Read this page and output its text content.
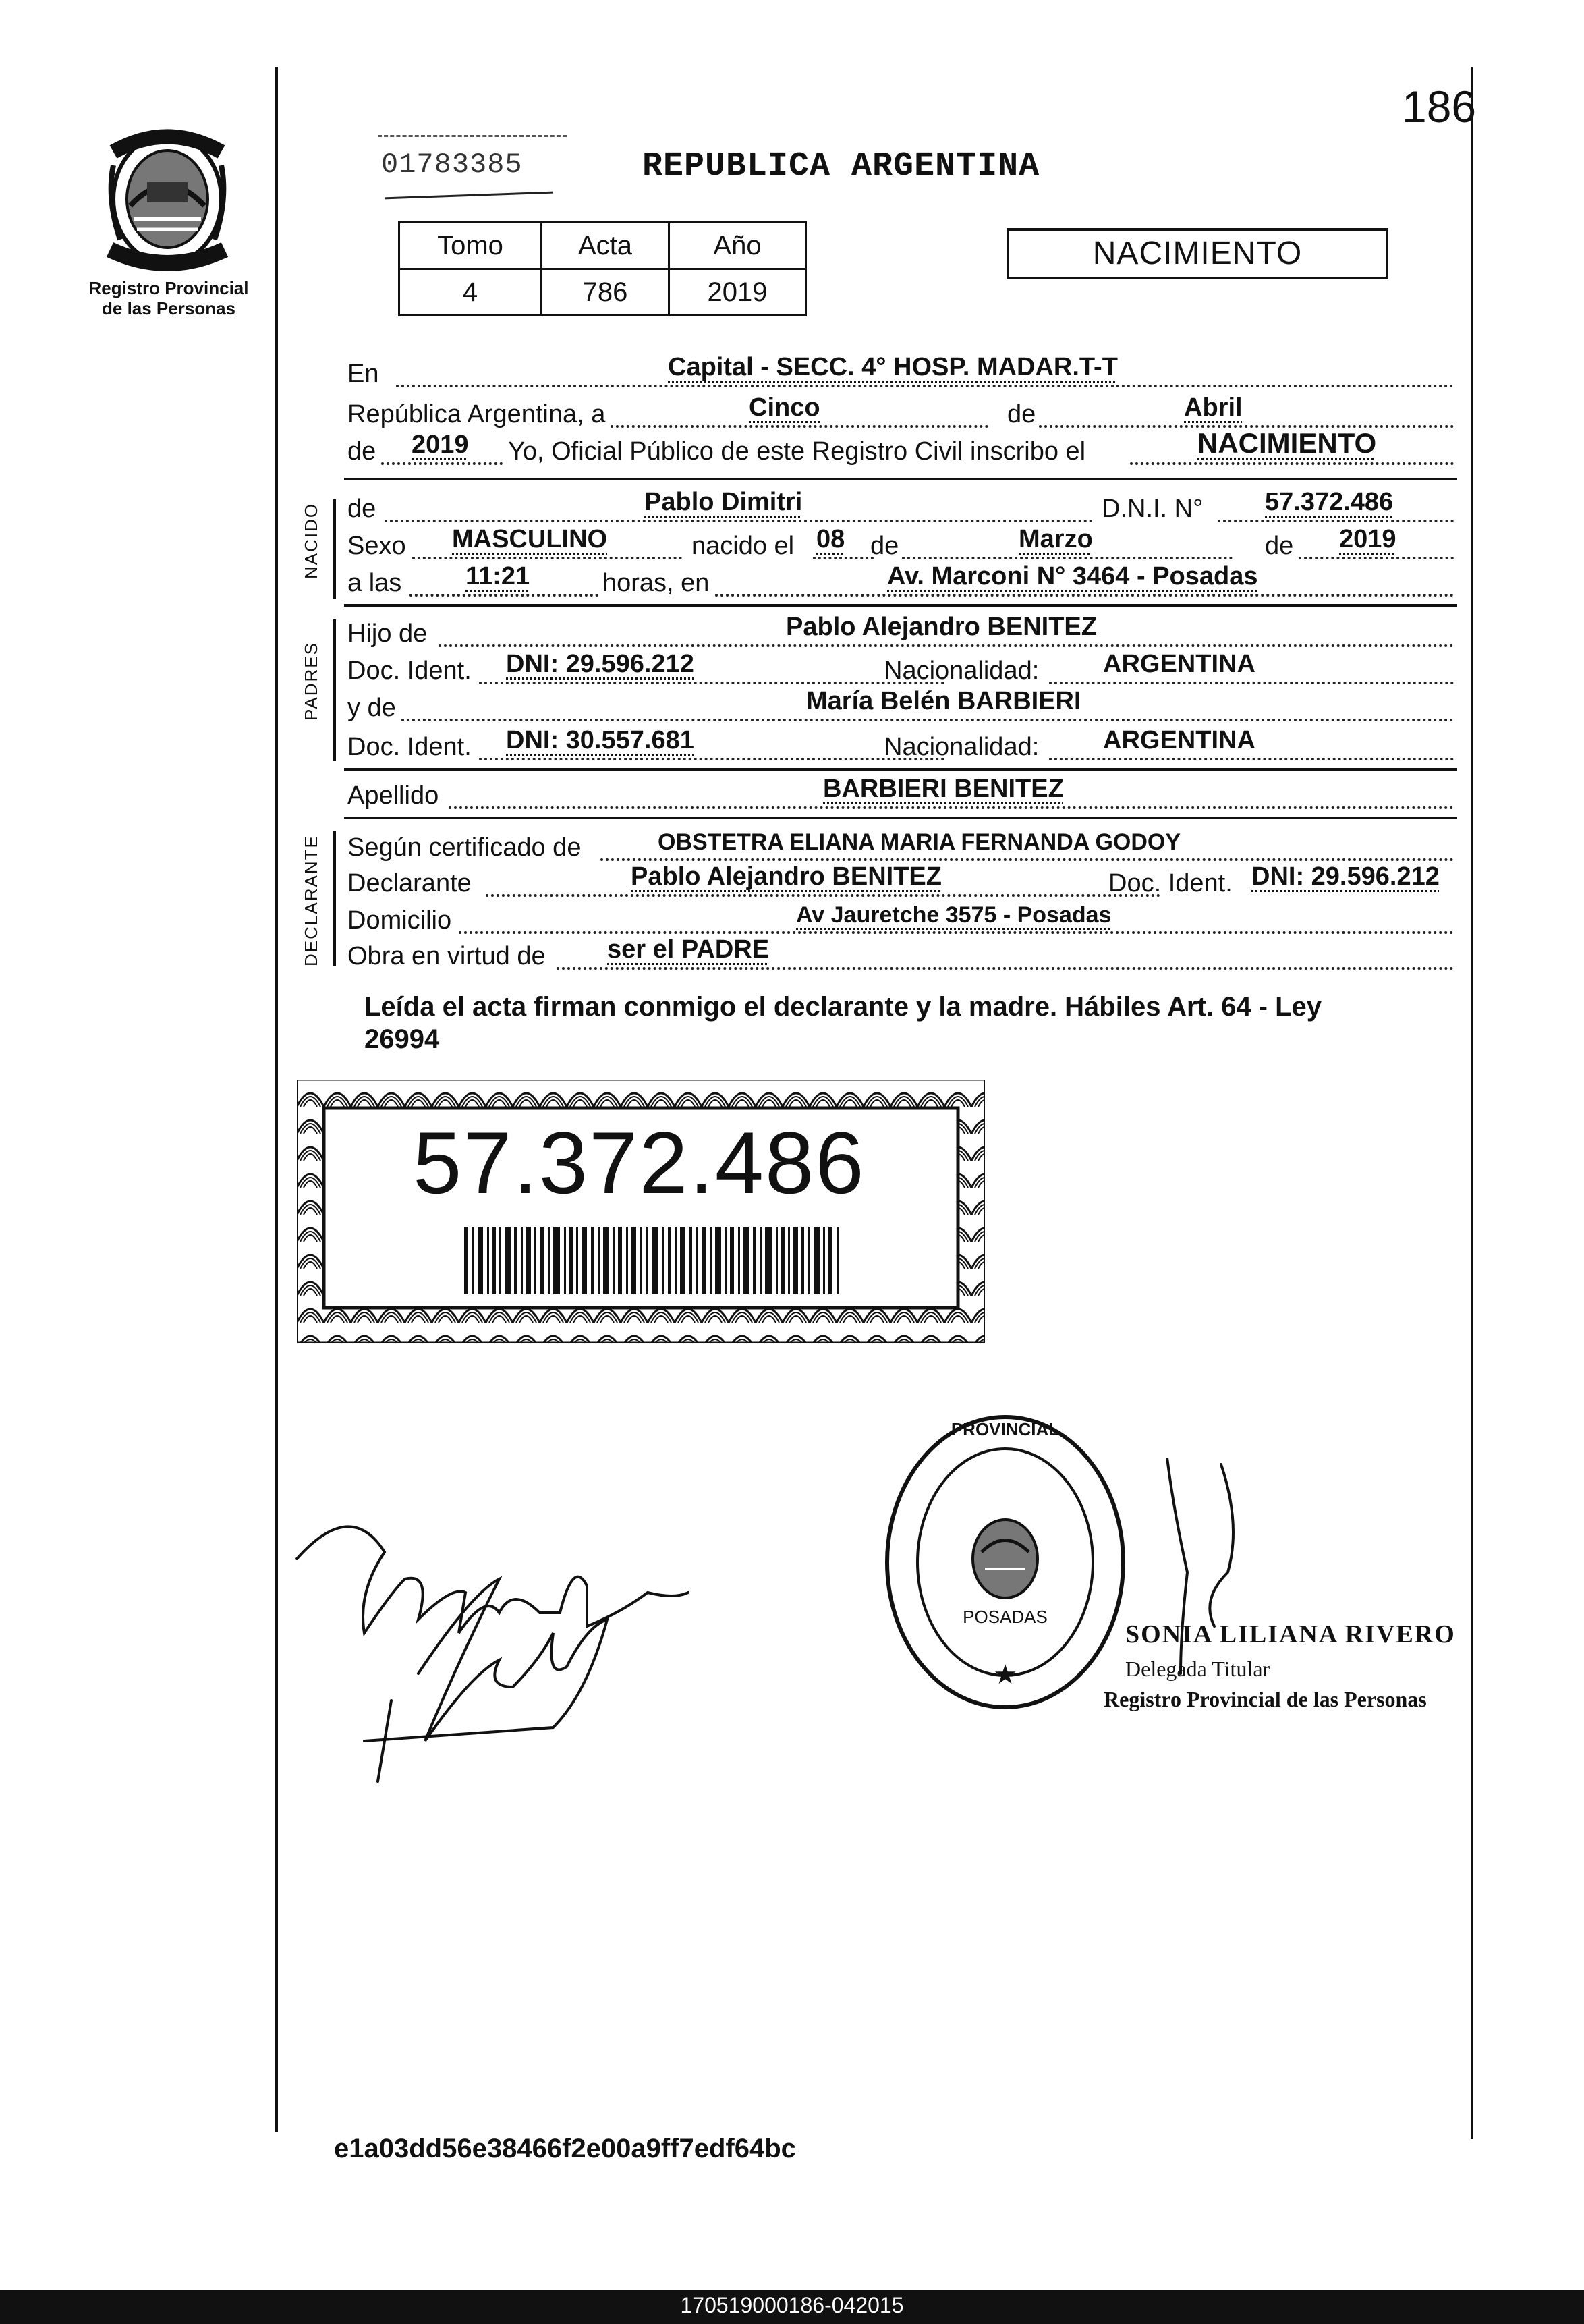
Registro Provincial
de las Personas
01783385	REPUBLICA ARGENTINA
186
Tomo	Acta	Año
4	786	2019
NACIMIENTO
En	Capital - SECC. 4° HOSP. MADAR.T-T
República Argentina, a	Cinco	de	Abril
de 2019 Yo, Oficial Público de este Registro Civil inscribo el	NACIMIENTO
NACIDO de	Pablo Dimitri	D.N.I. N° 57.372.486
Sexo MASCULINO	nacido el 08 de	Marzo	de 2019
a las 11:21	horas, en	Av. Marconi N° 3464 - Posadas
PADRES
Hijo de	Pablo Alejandro BENITEZ
Doc. Ident. DNI: 29.596.212	Nacionalidad: ARGENTINA
y de	María Belén BARBIERI
Doc. Ident. DNI: 30.557.681	Nacionalidad: ARGENTINA
Apellido	BARBIERI BENITEZ
DECLARANTE Según certificado de	OBSTETRA ELIANA MARIA FERNANDA GODOY
Declarante	Pablo Alejandro BENITEZ	Doc. Ident. DNI: 29.596.212
Domicilio	Av Jauretche 3575 - Posadas
Obra en virtud de ser el PADRE
Leída el acta firman conmigo el declarante y la madre. Hábiles Art. 64 - Ley
26994
57.372.486
PROVINCIAL
POSADAS
★
SONIA LILIANA RIVERO
Delegada Titular
Registro Provincial de las Personas
e1a03dd56e38466f2e00a9ff7edf64bc
170519000186-042015
